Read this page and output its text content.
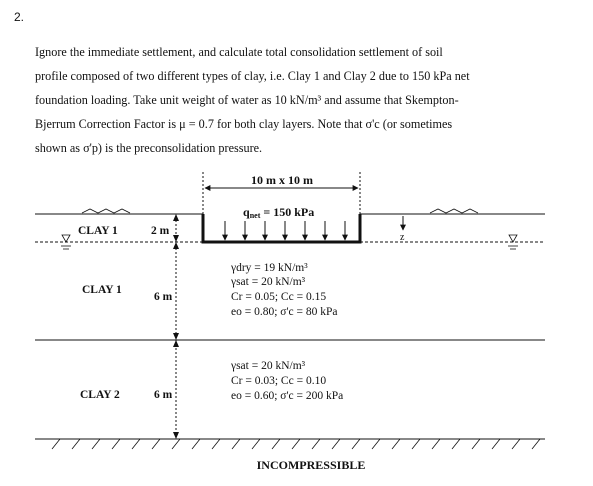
2.
Ignore the immediate settlement, and calculate total consolidation settlement of soil
profile composed of two different types of clay, i.e. Clay 1 and Clay 2 due to 150 kPa net
foundation loading. Take unit weight of water as 10 kN/m³ and assume that Skempton-
Bjerrum Correction Factor is μ = 0.7 for both clay layers. Note that σ'c (or sometimes
shown as σ'p) is the preconsolidation pressure.
10 m x 10 m
qnet = 150 kPa
z
CLAY 1	2 m
CLAY 1
6 m
CLAY 2	6 m
γdry = 19 kN/m³
γsat = 20 kN/m³
Cr = 0.05; Cc = 0.15
eo = 0.80; σ'c = 80 kPa
γsat = 20 kN/m³
Cr = 0.03; Cc = 0.10
eo = 0.60; σ'c = 200 kPa
INCOMPRESSIBLE
